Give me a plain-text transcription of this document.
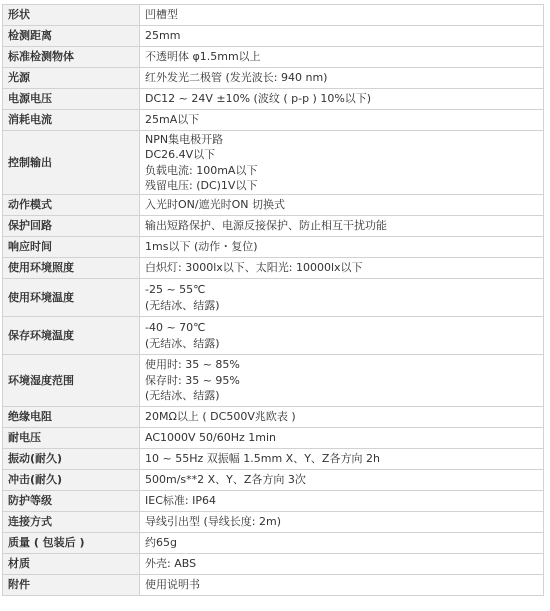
形状	凹槽型

检测距离	25mm

标准检测物体	不透明体 φ1.5mm以上

光源	红外发光二极管 (发光波长: 940 nm)

电源电压	DC12 ~ 24V ±10% (波纹 ( p-p ) 10%以下)

消耗电流	25mA以下

控制输出	NPN集电极开路
DC26.4V以下
负载电流: 100mA以下
残留电压: (DC)1V以下

动作模式	入光时ON/遮光时ON 切换式

保护回路	输出短路保护、电源反接保护、防止相互干扰功能

响应时间	1ms以下 (动作・复位)

使用环境照度	白炽灯: 3000lx以下、太阳光: 10000lx以下

使用环境温度	-25 ~ 55℃
(无结冰、结露)

保存环境温度	-40 ~ 70℃
(无结冰、结露)

环境湿度范围	使用时: 35 ~ 85%
保存时: 35 ~ 95%
(无结冰、结露)

绝缘电阻	20MΩ以上 ( DC500V兆欧表 )

耐电压	AC1000V 50/60Hz 1min

振动(耐久)	10 ~ 55Hz 双振幅 1.5mm X、Y、Z各方向 2h

冲击(耐久)	500m/s**2 X、Y、Z各方向 3次

防护等级	IEC标准: IP64

连接方式	导线引出型 (导线长度: 2m)

质量 ( 包装后 )	约65g

材质	外壳: ABS

附件	使用说明书
